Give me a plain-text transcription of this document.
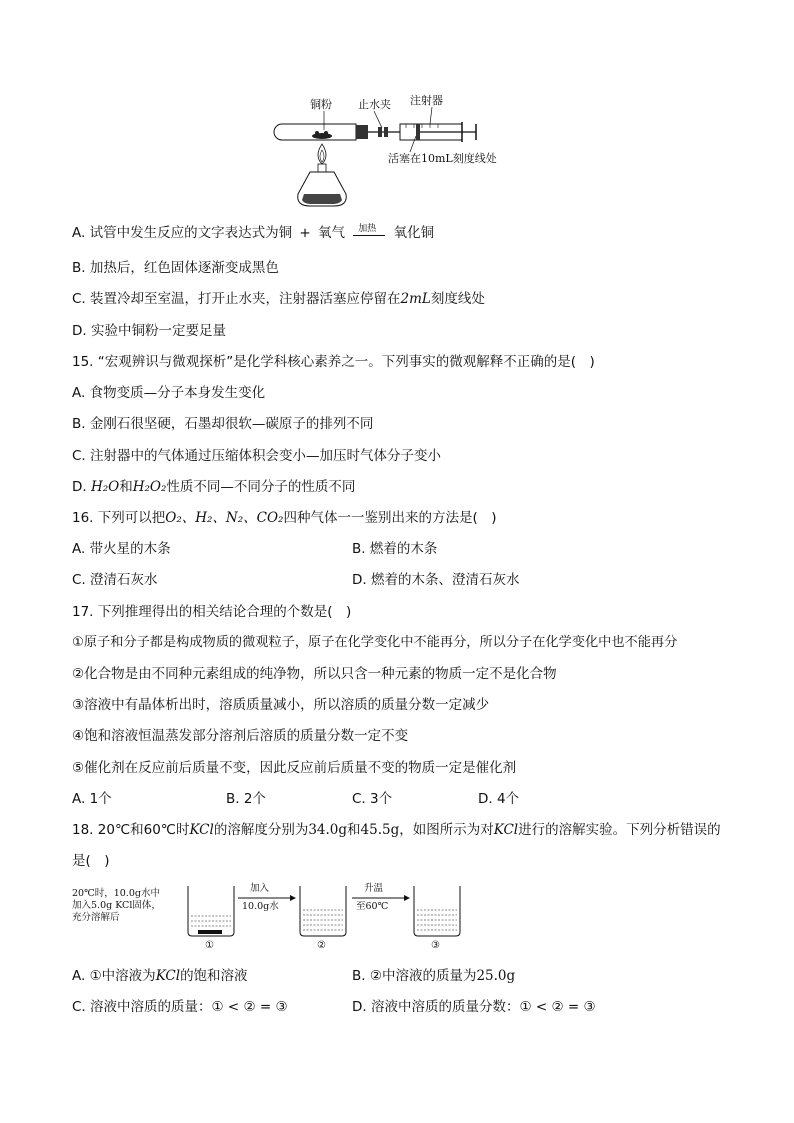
铜粉 止水夹 注射器
活塞在10mL刻度线处
A. 试管中发生反应的文字表达式为铜 + 氧气 加热 氧化铜
B. 加热后，红色固体逐渐变成黑色
C. 装置冷却至室温，打开止水夹，注射器活塞应停留在2mL刻度线处
D. 实验中铜粉一定要足量
15. “宏观辨识与微观探析”是化学科核心素养之一。下列事实的微观解释不正确的是(　)
A. 食物变质—分子本身发生变化
B. 金刚石很坚硬，石墨却很软—碳原子的排列不同
C. 注射器中的气体通过压缩体积会变小—加压时气体分子变小
D. H₂O和H₂O₂性质不同—不同分子的性质不同
16. 下列可以把O₂、H₂、N₂、CO₂四种气体一一鉴别出来的方法是(　)
A. 带火星的木条	B. 燃着的木条
C. 澄清石灰水	D. 燃着的木条、澄清石灰水
17. 下列推理得出的相关结论合理的个数是(　)
①原子和分子都是构成物质的微观粒子，原子在化学变化中不能再分，所以分子在化学变化中也不能再分
②化合物是由不同种元素组成的纯净物，所以只含一种元素的物质一定不是化合物
③溶液中有晶体析出时，溶质质量减小，所以溶质的质量分数一定减少
④饱和溶液恒温蒸发部分溶剂后溶质的质量分数一定不变
⑤催化剂在反应前后质量不变，因此反应前后质量不变的物质一定是催化剂
A. 1个	B. 2个	C. 3个	D. 4个
18. 20℃和60℃时KCl的溶解度分别为34.0g和45.5g，如图所示为对KCl进行的溶解实验。下列分析错误的
是(　)
20℃时，10.0g水中
加入5.0g KCl固体，
充分溶解后
①
加入
10.0g水
②
升温
至60℃
③
A. ①中溶液为KCl的饱和溶液	B. ②中溶液的质量为25.0g
C. 溶液中溶质的质量：① < ② = ③	D. 溶液中溶质的质量分数：① < ② = ③
